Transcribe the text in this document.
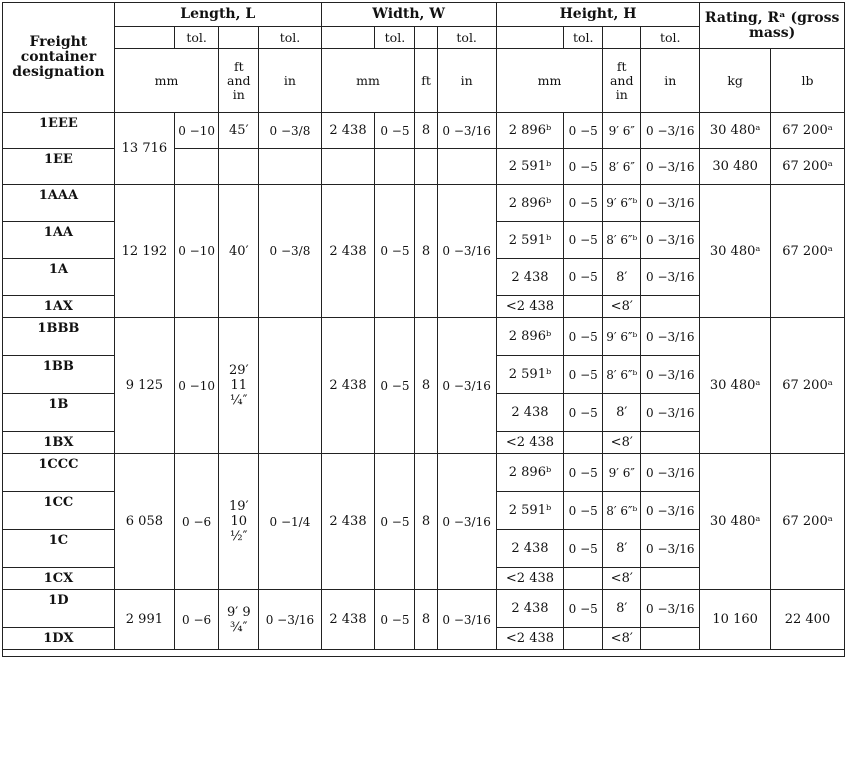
Freight container designation	Length, L				Width, W				Height, H				Rating, Rᵃ (gross mass)	
		tol.		tol.		tol.		tol.		tol.		tol.		
	mm		ft and in	in	mm		ft	in	mm		ft and in	in	kg	lb
1EEE	13 716	0 −10	45′	0 −3/8	2 438	0 −5	8	0 −3/16	2 896ᵇ	0 −5	9′ 6″	0 −3/16	30 480ᵃ	67 200ᵃ
1EE									2 591ᵇ	0 −5	8′ 6″	0 −3/16	30 480	67 200ᵃ
1AAA	12 192	0 −10	40′	0 −3/8	2 438	0 −5	8	0 −3/16	2 896ᵇ	0 −5	9′ 6″ᵇ	0 −3/16	30 480ᵃ	67 200ᵃ
1AA									2 591ᵇ	0 −5	8′ 6″ᵇ	0 −3/16		
1A									2 438	0 −5	8′	0 −3/16		
1AX									<2 438		<8′			
1BBB	9 125	0 −10	29′ 11 ¼″		2 438	0 −5	8	0 −3/16	2 896ᵇ	0 −5	9′ 6″ᵇ	0 −3/16	30 480ᵃ	67 200ᵃ
1BB									2 591ᵇ	0 −5	8′ 6″ᵇ	0 −3/16		
1B									2 438	0 −5	8′	0 −3/16		
1BX									<2 438		<8′			
1CCC	6 058	0 −6	19′ 10 ½″	0 −1/4	2 438	0 −5	8	0 −3/16	2 896ᵇ	0 −5	9′ 6″	0 −3/16	30 480ᵃ	67 200ᵃ
1CC									2 591ᵇ	0 −5	8′ 6″ᵇ	0 −3/16		
1C									2 438	0 −5	8′	0 −3/16		
1CX									<2 438		<8′			
1D	2 991	0 −6	9′ 9 ¾″	0 −3/16	2 438	0 −5	8	0 −3/16	2 438	0 −5	8′	0 −3/16	10 160	22 400
1DX									<2 438		<8′			
